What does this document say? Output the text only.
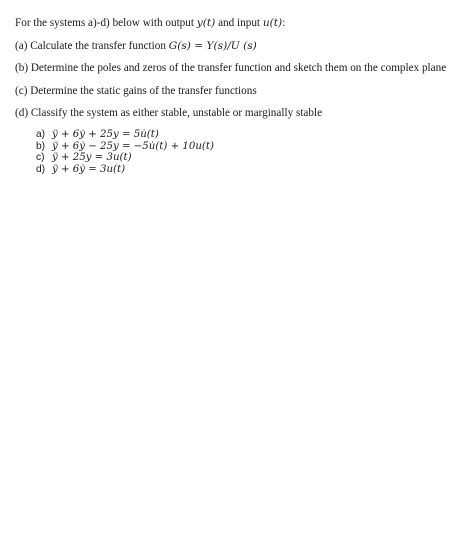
For the systems a)-d) below with output y(t) and input u(t):
(a) Calculate the transfer function G(s) = Y(s)/U (s)
(b) Determine the poles and zeros of the transfer function and sketch them on the complex plane
(c) Determine the static gains of the transfer functions
(d) Classify the system as either stable, unstable or marginally stable
a) ÿ + 6ẏ + 25y = 5u̇(t)
b) ÿ + 6ẏ − 25y = −5u̇(t) + 10u(t)
c) ÿ + 25y = 3u(t)
d) ÿ + 6ẏ = 3u(t)
